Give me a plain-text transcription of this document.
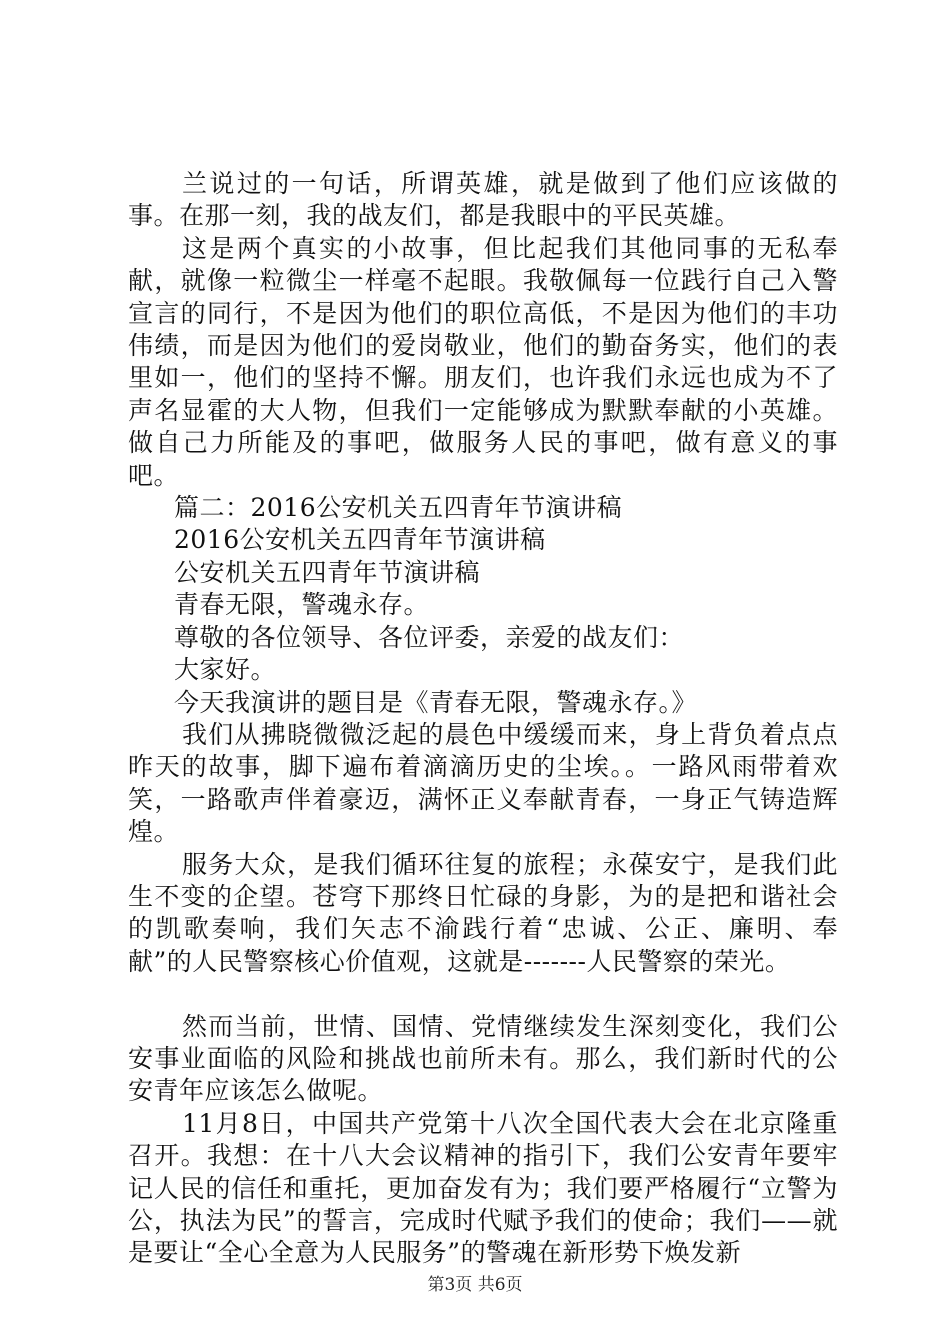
兰说过的一句话，所谓英雄，就是做到了他们应该做的事。在那一刻，我的战友们，都是我眼中的平民英雄。

这是两个真实的小故事，但比起我们其他同事的无私奉献，就像一粒微尘一样毫不起眼。我敬佩每一位践行自己入警宣言的同行，不是因为他们的职位高低，不是因为他们的丰功伟绩，而是因为他们的爱岗敬业，他们的勤奋务实，他们的表里如一，他们的坚持不懈。朋友们，也许我们永远也成为不了声名显霍的大人物，但我们一定能够成为默默奉献的小英雄。做自己力所能及的事吧，做服务人民的事吧，做有意义的事吧。

篇二：2016公安机关五四青年节演讲稿

2016公安机关五四青年节演讲稿

公安机关五四青年节演讲稿

青春无限，警魂永存。

尊敬的各位领导、各位评委，亲爱的战友们：

大家好。

今天我演讲的题目是《青春无限，警魂永存。》

我们从拂晓微微泛起的晨色中缓缓而来，身上背负着点点昨天的故事，脚下遍布着滴滴历史的尘埃。。一路风雨带着欢笑，一路歌声伴着豪迈，满怀正义奉献青春，一身正气铸造辉煌。

服务大众，是我们循环往复的旅程；永葆安宁，是我们此生不变的企望。苍穹下那终日忙碌的身影，为的是把和谐社会的凯歌奏响，我们矢志不渝践行着“忠诚、公正、廉明、奉献”的人民警察核心价值观，这就是-------人民警察的荣光。

然而当前，世情、国情、党情继续发生深刻变化，我们公安事业面临的风险和挑战也前所未有。那么，我们新时代的公安青年应该怎么做呢。

11月8日，中国共产党第十八次全国代表大会在北京隆重召开。我想：在十八大会议精神的指引下，我们公安青年要牢记人民的信任和重托，更加奋发有为；我们要严格履行“立警为公，执法为民”的誓言，完成时代赋予我们的使命；我们——就是要让“全心全意为人民服务”的警魂在新形势下焕发新

第3页 共6页
